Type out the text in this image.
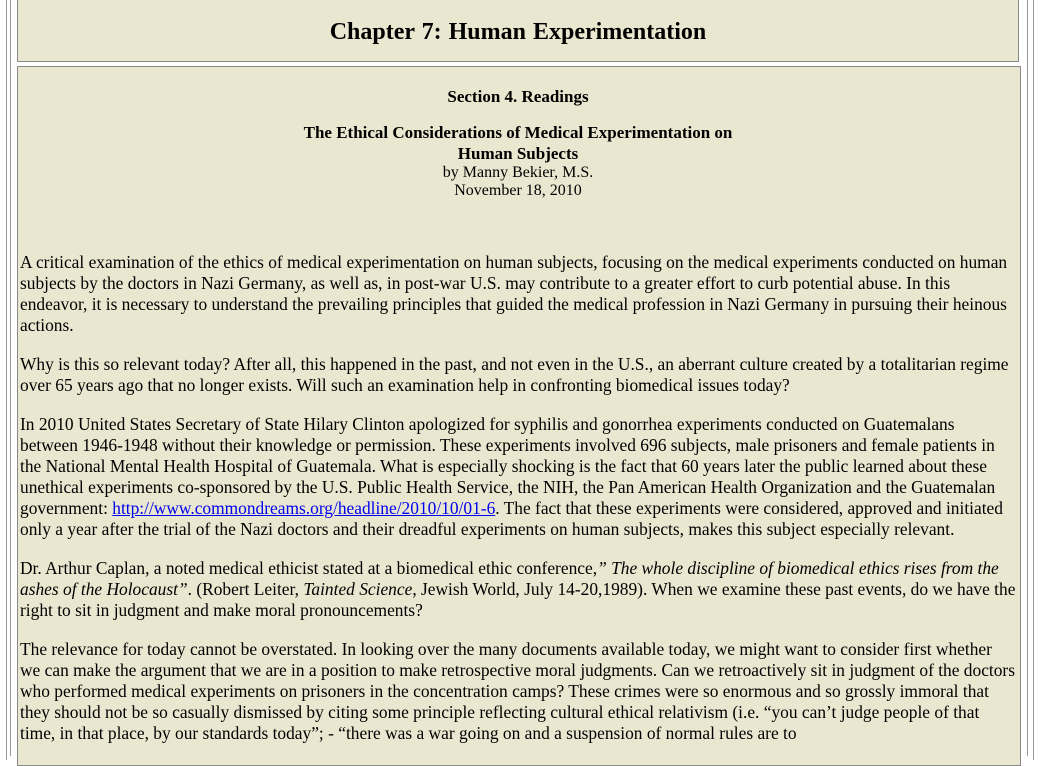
Chapter 7: Human Experimentation
Section 4. Readings
The Ethical Considerations of Medical Experimentation on
Human Subjects
by Manny Bekier, M.S.
November 18, 2010

A critical examination of the ethics of medical experimentation on human subjects, focusing on the medical experiments conducted on human subjects by the doctors in Nazi Germany, as well as, in post-war U.S. may contribute to a greater effort to curb potential abuse. In this endeavor, it is necessary to understand the prevailing principles that guided the medical profession in Nazi Germany in pursuing their heinous actions.

Why is this so relevant today? After all, this happened in the past, and not even in the U.S., an aberrant culture created by a totalitarian regime over 65 years ago that no longer exists. Will such an examination help in confronting biomedical issues today?

In 2010 United States Secretary of State Hilary Clinton apologized for syphilis and gonorrhea experiments conducted on Guatemalans between 1946-1948 without their knowledge or permission. These experiments involved 696 subjects, male prisoners and female patients in the National Mental Health Hospital of Guatemala. What is especially shocking is the fact that 60 years later the public learned about these unethical experiments co-sponsored by the U.S. Public Health Service, the NIH, the Pan American Health Organization and the Guatemalan government: http://www.commondreams.org/headline/2010/10/01-6. The fact that these experiments were considered, approved and initiated only a year after the trial of the Nazi doctors and their dreadful experiments on human subjects, makes this subject especially relevant.

Dr. Arthur Caplan, a noted medical ethicist stated at a biomedical ethic conference,” The whole discipline of biomedical ethics rises from the ashes of the Holocaust”. (Robert Leiter, Tainted Science, Jewish World, July 14-20,1989). When we examine these past events, do we have the right to sit in judgment and make moral pronouncements?

The relevance for today cannot be overstated. In looking over the many documents available today, we might want to consider first whether we can make the argument that we are in a position to make retrospective moral judgments. Can we retroactively sit in judgment of the doctors who performed medical experiments on prisoners in the concentration camps? These crimes were so enormous and so grossly immoral that they should not be so casually dismissed by citing some principle reflecting cultural ethical relativism (i.e. “you can’t judge people of that time, in that place, by our standards today”; - “there was a war going on and a suspension of normal rules are to
